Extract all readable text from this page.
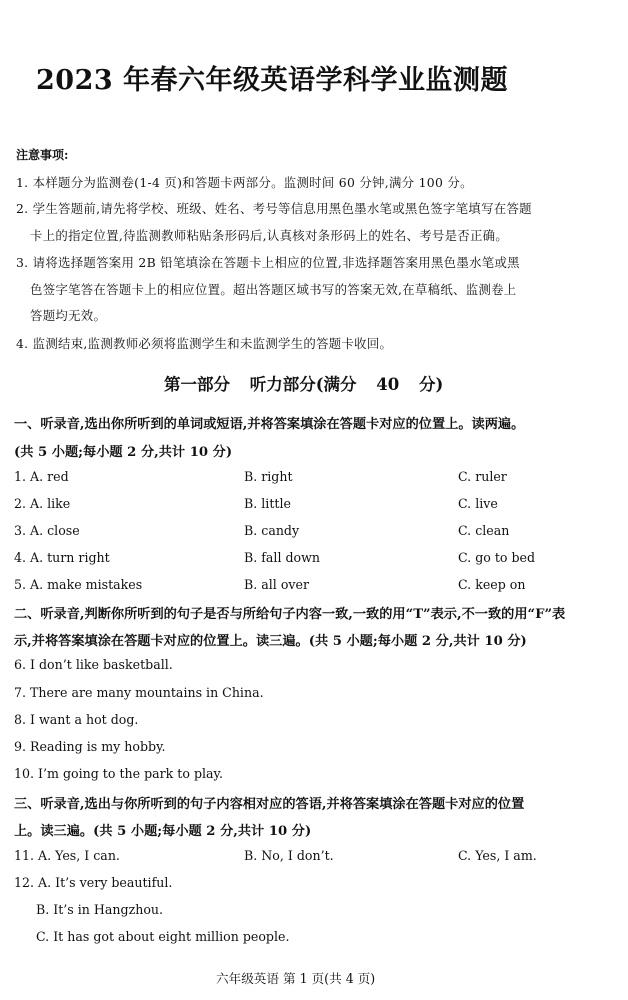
2023 年春六年级英语学科学业监测题
注意事项:
1. 本样题分为监测卷(1-4 页)和答题卡两部分。监测时间 60 分钟,满分 100 分。
2. 学生答题前,请先将学校、班级、姓名、考号等信息用黑色墨水笔或黑色签字笔填写在答题
卡上的指定位置,待监测教师粘贴条形码后,认真核对条形码上的姓名、考号是否正确。
3. 请将选择题答案用 2B 铅笔填涂在答题卡上相应的位置,非选择题答案用黑色墨水笔或黑
色签字笔答在答题卡上的相应位置。超出答题区域书写的答案无效,在草稿纸、监测卷上
答题均无效。
4. 监测结束,监测教师必须将监测学生和未监测学生的答题卡收回。
第一部分 听力部分(满分 40 分)
一、听录音,选出你所听到的单词或短语,并将答案填涂在答题卡对应的位置上。读两遍。
(共 5 小题;每小题 2 分,共计 10 分)
1. A. red	B. right	C. ruler
2. A. like	B. little	C. live
3. A. close	B. candy	C. clean
4. A. turn right	B. fall down	C. go to bed
5. A. make mistakes	B. all over	C. keep on
二、听录音,判断你所听到的句子是否与所给句子内容一致,一致的用“T”表示,不一致的用“F”表
示,并将答案填涂在答题卡对应的位置上。读三遍。(共 5 小题;每小题 2 分,共计 10 分)
6. I don’t like basketball.
7. There are many mountains in China.
8. I want a hot dog.
9. Reading is my hobby.
10. I’m going to the park to play.
三、听录音,选出与你所听到的句子内容相对应的答语,并将答案填涂在答题卡对应的位置
上。读三遍。(共 5 小题;每小题 2 分,共计 10 分)
11. A. Yes, I can.	B. No, I don’t.	C. Yes, I am.
12. A. It’s very beautiful.
B. It’s in Hangzhou.
C. It has got about eight million people.
六年级英语 第 1 页(共 4 页)
